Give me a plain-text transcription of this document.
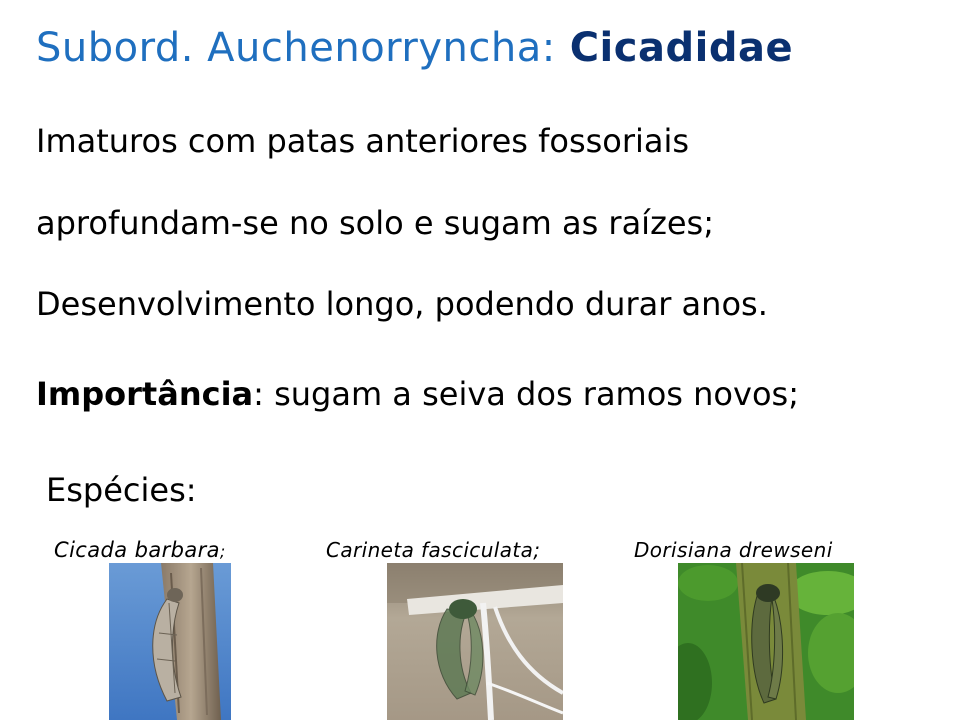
Subord. Auchenorryncha: Cicadidae
Imaturos com patas anteriores fossoriais
aprofundam-se no solo e sugam as raízes;
Desenvolvimento longo, podendo durar anos.
Importância: sugam a seiva dos ramos novos;
Espécies:
Cicada barbara;	Carineta fasciculata;	Dorisiana drewseni
